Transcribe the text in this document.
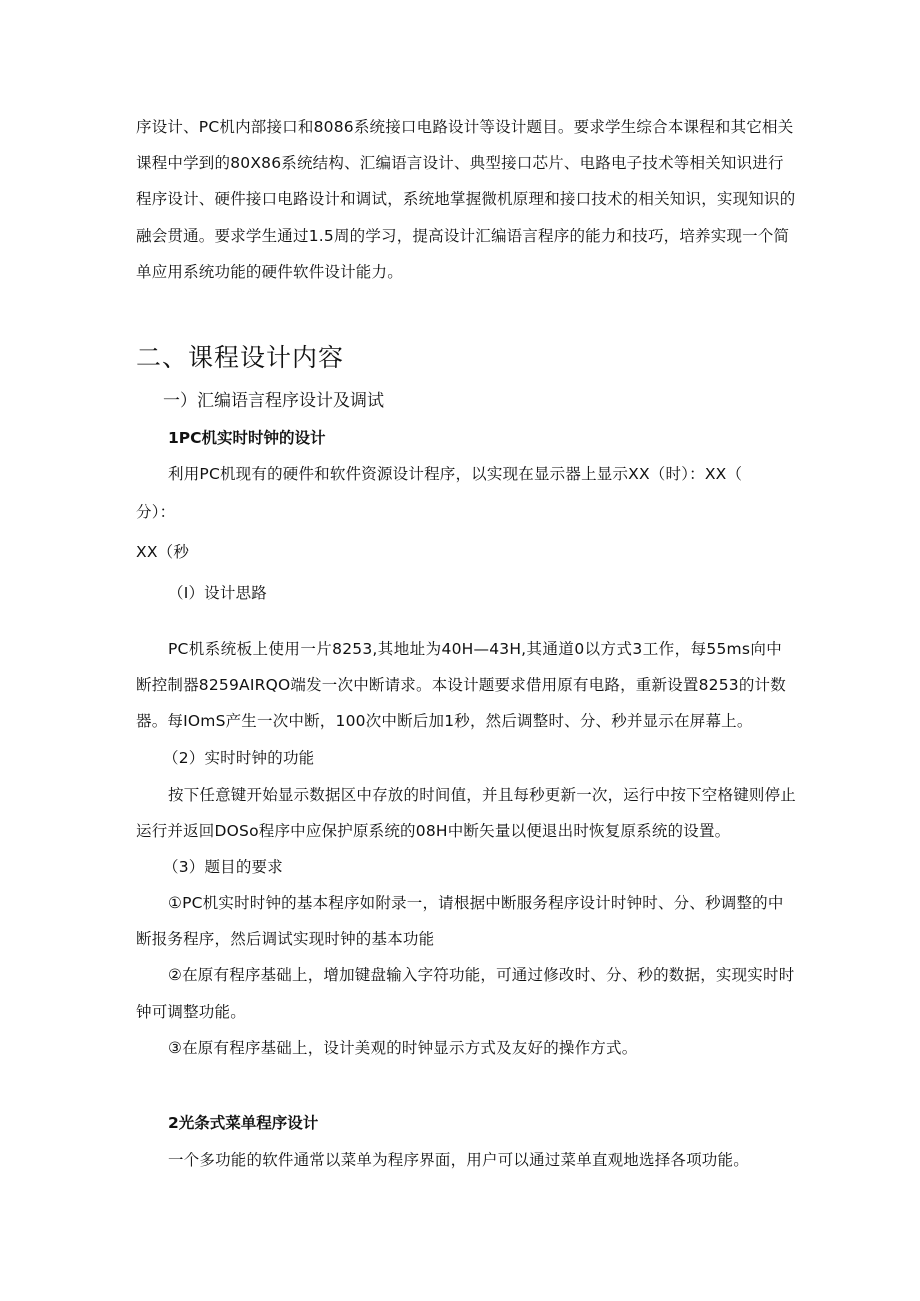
序设计、PC机内部接口和8086系统接口电路设计等设计题目。要求学生综合本课程和其它相关
课程中学到的80X86系统结构、汇编语言设计、典型接口芯片、电路电子技术等相关知识进行
程序设计、硬件接口电路设计和调试，系统地掌握微机原理和接口技术的相关知识，实现知识的
融会贯通。要求学生通过1.5周的学习，提高设计汇编语言程序的能力和技巧，培养实现一个简
单应用系统功能的硬件软件设计能力。
二、课程设计内容
一）汇编语言程序设计及调试
1PC机实时时钟的设计
利用PC机现有的硬件和软件资源设计程序，以实现在显示器上显示XX（时）：XX（
分）：
XX（秒
（I）设计思路
PC机系统板上使用一片8253,其地址为40H—43H,其通道0以方式3工作，每55ms向中
断控制器8259AIRQO端发一次中断请求。本设计题要求借用原有电路，重新设置8253的计数
器。每IOmS产生一次中断，100次中断后加1秒，然后调整时、分、秒并显示在屏幕上。
（2）实时时钟的功能
按下任意键开始显示数据区中存放的时间值，并且每秒更新一次，运行中按下空格键则停止
运行并返回DOSo程序中应保护原系统的08H中断矢量以便退出时恢复原系统的设置。
（3）题目的要求
①PC机实时时钟的基本程序如附录一，请根据中断服务程序设计时钟时、分、秒调整的中
断报务程序，然后调试实现时钟的基本功能
②在原有程序基础上，增加键盘输入字符功能，可通过修改时、分、秒的数据，实现实时时
钟可调整功能。
③在原有程序基础上，设计美观的时钟显示方式及友好的操作方式。
2光条式菜单程序设计
一个多功能的软件通常以菜单为程序界面，用户可以通过菜单直观地选择各项功能。
